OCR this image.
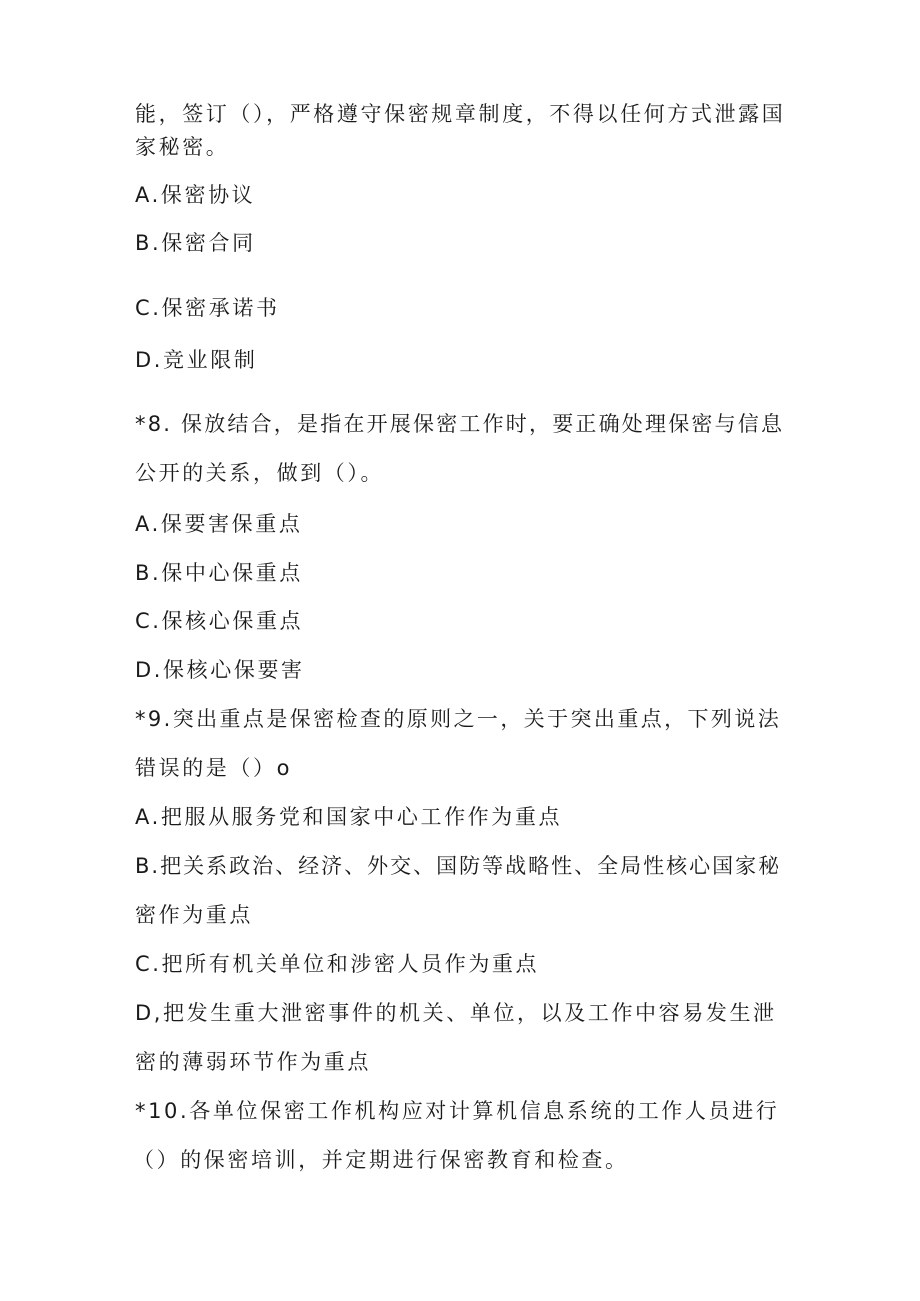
能，签订（），严格遵守保密规章制度，不得以任何方式泄露国

家秘密。

A.保密协议

B.保密合同

C.保密承诺书

D.竞业限制

*8. 保放结合，是指在开展保密工作时，要正确处理保密与信息

公开的关系，做到（）。

A.保要害保重点

B.保中心保重点

C.保核心保重点

D.保核心保要害

*9.突出重点是保密检查的原则之一，关于突出重点，下列说法

错误的是（）o

A.把服从服务党和国家中心工作作为重点

B.把关系政治、经济、外交、国防等战略性、全局性核心国家秘

密作为重点

C.把所有机关单位和涉密人员作为重点

D,把发生重大泄密事件的机关、单位，以及工作中容易发生泄

密的薄弱环节作为重点

*10.各单位保密工作机构应对计算机信息系统的工作人员进行

（）的保密培训，并定期进行保密教育和检查。
